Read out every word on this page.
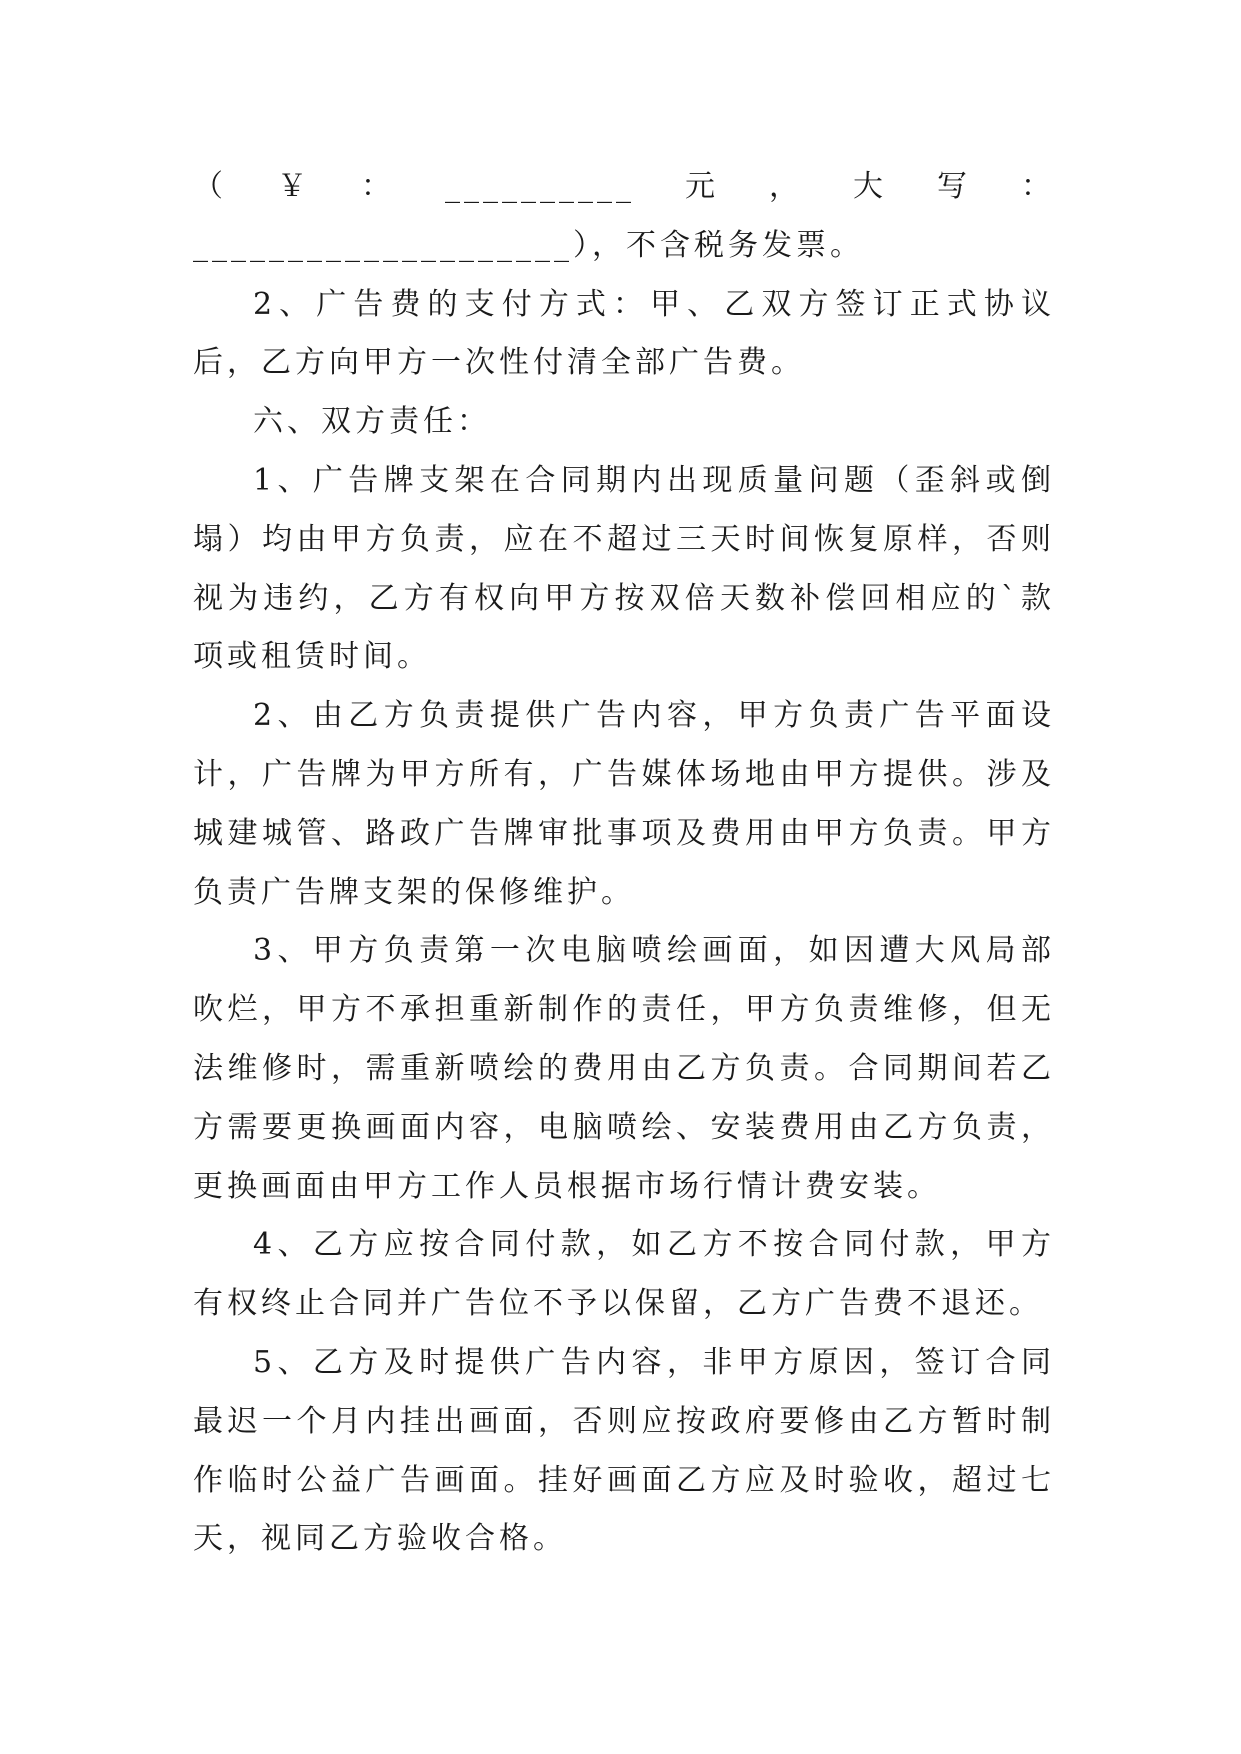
（￥：__________元，大写：____________________），不含税务发票。

2、广告费的支付方式：甲、乙双方签订正式协议后，乙方向甲方一次性付清全部广告费。

六、双方责任：

1、广告牌支架在合同期内出现质量问题（歪斜或倒塌）均由甲方负责，应在不超过三天时间恢复原样，否则视为违约，乙方有权向甲方按双倍天数补偿回相应的`款项或租赁时间。

2、由乙方负责提供广告内容，甲方负责广告平面设计，广告牌为甲方所有，广告媒体场地由甲方提供。涉及城建城管、路政广告牌审批事项及费用由甲方负责。甲方负责广告牌支架的保修维护。

3、甲方负责第一次电脑喷绘画面，如因遭大风局部吹烂，甲方不承担重新制作的责任，甲方负责维修，但无法维修时，需重新喷绘的费用由乙方负责。合同期间若乙方需要更换画面内容，电脑喷绘、安装费用由乙方负责，更换画面由甲方工作人员根据市场行情计费安装。

4、乙方应按合同付款，如乙方不按合同付款，甲方有权终止合同并广告位不予以保留，乙方广告费不退还。

5、乙方及时提供广告内容，非甲方原因，签订合同最迟一个月内挂出画面，否则应按政府要修由乙方暂时制作临时公益广告画面。挂好画面乙方应及时验收，超过七天，视同乙方验收合格。
